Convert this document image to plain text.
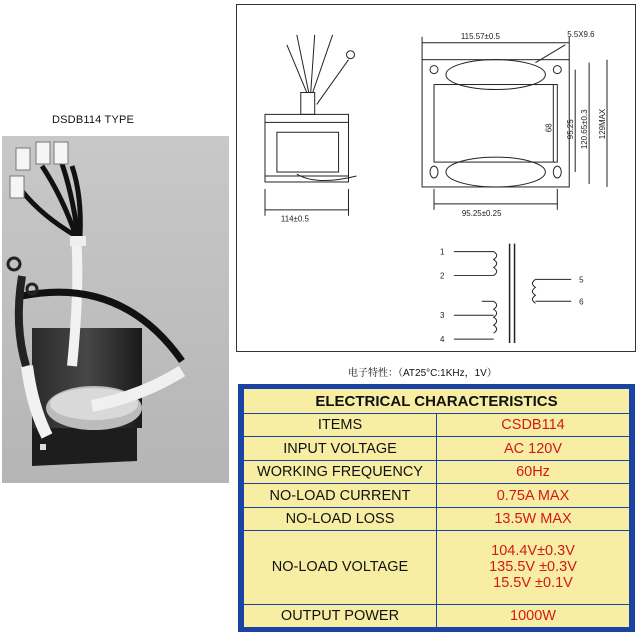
DSDB114 TYPE
115.57±0.5	5.5X9.6
114±0.5
95.25±0.25
68 95.25 120.65±0.3 129MAX
1
2
3
4
5
6
电子特性：（AT25°C:1KHz，1V）
ELECTRICAL CHARACTERISTICS	
ITEMS	CSDB114
INPUT VOLTAGE	AC 120V
WORKING FREQUENCY	60Hz
NO-LOAD CURRENT	0.75A MAX
NO-LOAD LOSS	13.5W MAX
NO-LOAD VOLTAGE	104.4V±0.3V
135.5V ±0.3V
15.5V ±0.1V

OUTPUT POWER	1000W
